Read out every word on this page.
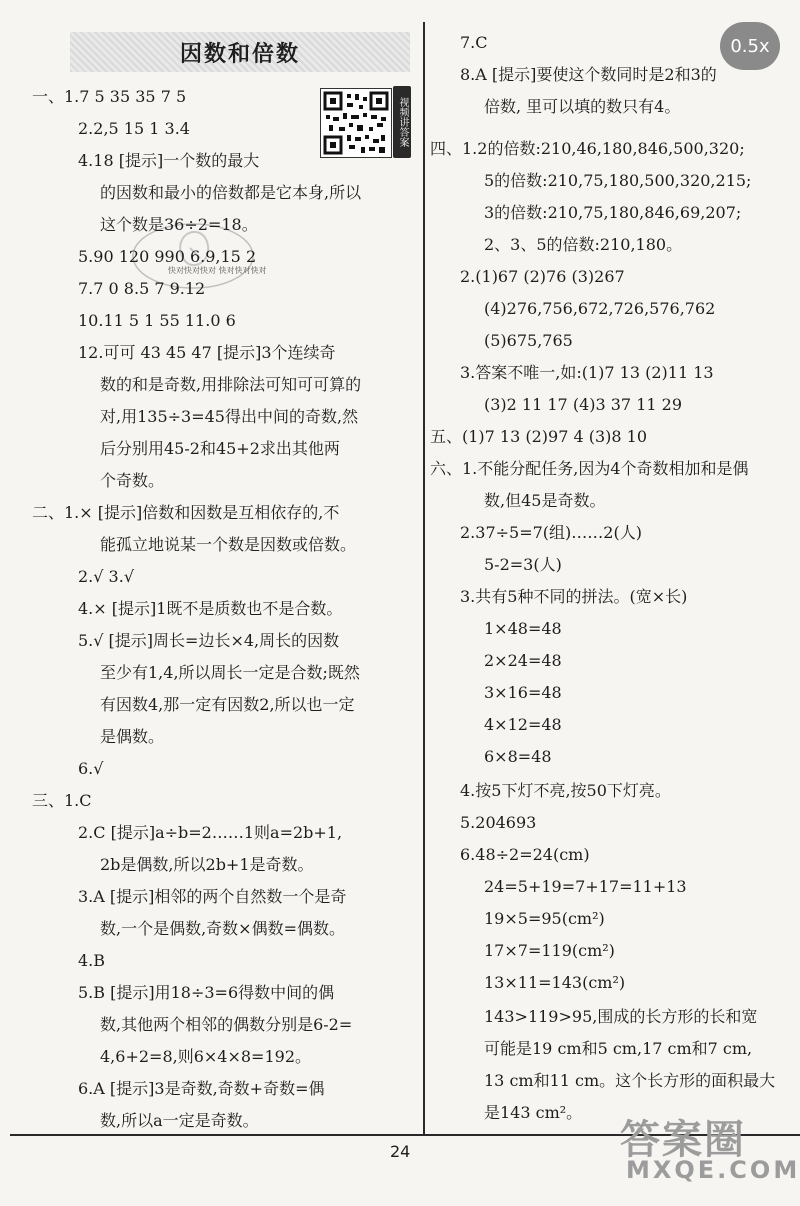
因数和倍数	0.5x
视频讲答案
快对快对快对 快对快对快对
一、1.7 5 35 35 7 5
2.2,5 15 1 3.4
4.18 [提示]一个数的最大
的因数和最小的倍数都是它本身,所以
这个数是36÷2=18。
5.90 120 990 6.9,15 2
7.7 0 8.5 7 9.12
10.11 5 1 55 11.0 6
12.可可 43 45 47 [提示]3个连续奇
数的和是奇数,用排除法可知可可算的
对,用135÷3=45得出中间的奇数,然
后分别用45-2和45+2求出其他两
个奇数。
二、1.× [提示]倍数和因数是互相依存的,不
能孤立地说某一个数是因数或倍数。
2.√ 3.√
4.× [提示]1既不是质数也不是合数。
5.√ [提示]周长=边长×4,周长的因数
至少有1,4,所以周长一定是合数;既然
有因数4,那一定有因数2,所以也一定
是偶数。
6.√
三、1.C
2.C [提示]a÷b=2……1则a=2b+1,
2b是偶数,所以2b+1是奇数。
3.A [提示]相邻的两个自然数一个是奇
数,一个是偶数,奇数×偶数=偶数。
4.B
5.B [提示]用18÷3=6得数中间的偶
数,其他两个相邻的偶数分别是6-2=
4,6+2=8,则6×4×8=192。
6.A [提示]3是奇数,奇数+奇数=偶
数,所以a一定是奇数。
7.C
8.A [提示]要使这个数同时是2和3的
倍数, 里可以填的数只有4。
四、1.2的倍数:210,46,180,846,500,320;
5的倍数:210,75,180,500,320,215;
3的倍数:210,75,180,846,69,207;
2、3、5的倍数:210,180。
2.(1)67 (2)76 (3)267
(4)276,756,672,726,576,762
(5)675,765
3.答案不唯一,如:(1)7 13 (2)11 13
(3)2 11 17 (4)3 37 11 29
五、(1)7 13 (2)97 4 (3)8 10
六、1.不能分配任务,因为4个奇数相加和是偶
数,但45是奇数。
2.37÷5=7(组)……2(人)
5-2=3(人)
3.共有5种不同的拼法。(宽×长)
1×48=48
2×24=48
3×16=48
4×12=48
6×8=48
4.按5下灯不亮,按50下灯亮。
5.204693
6.48÷2=24(cm)
24=5+19=7+17=11+13
19×5=95(cm²)
17×7=119(cm²)
13×11=143(cm²)
143>119>95,围成的长方形的长和宽
可能是19 cm和5 cm,17 cm和7 cm,
13 cm和11 cm。这个长方形的面积最大
是143 cm²。
24	答案圈
MXQE.COM
